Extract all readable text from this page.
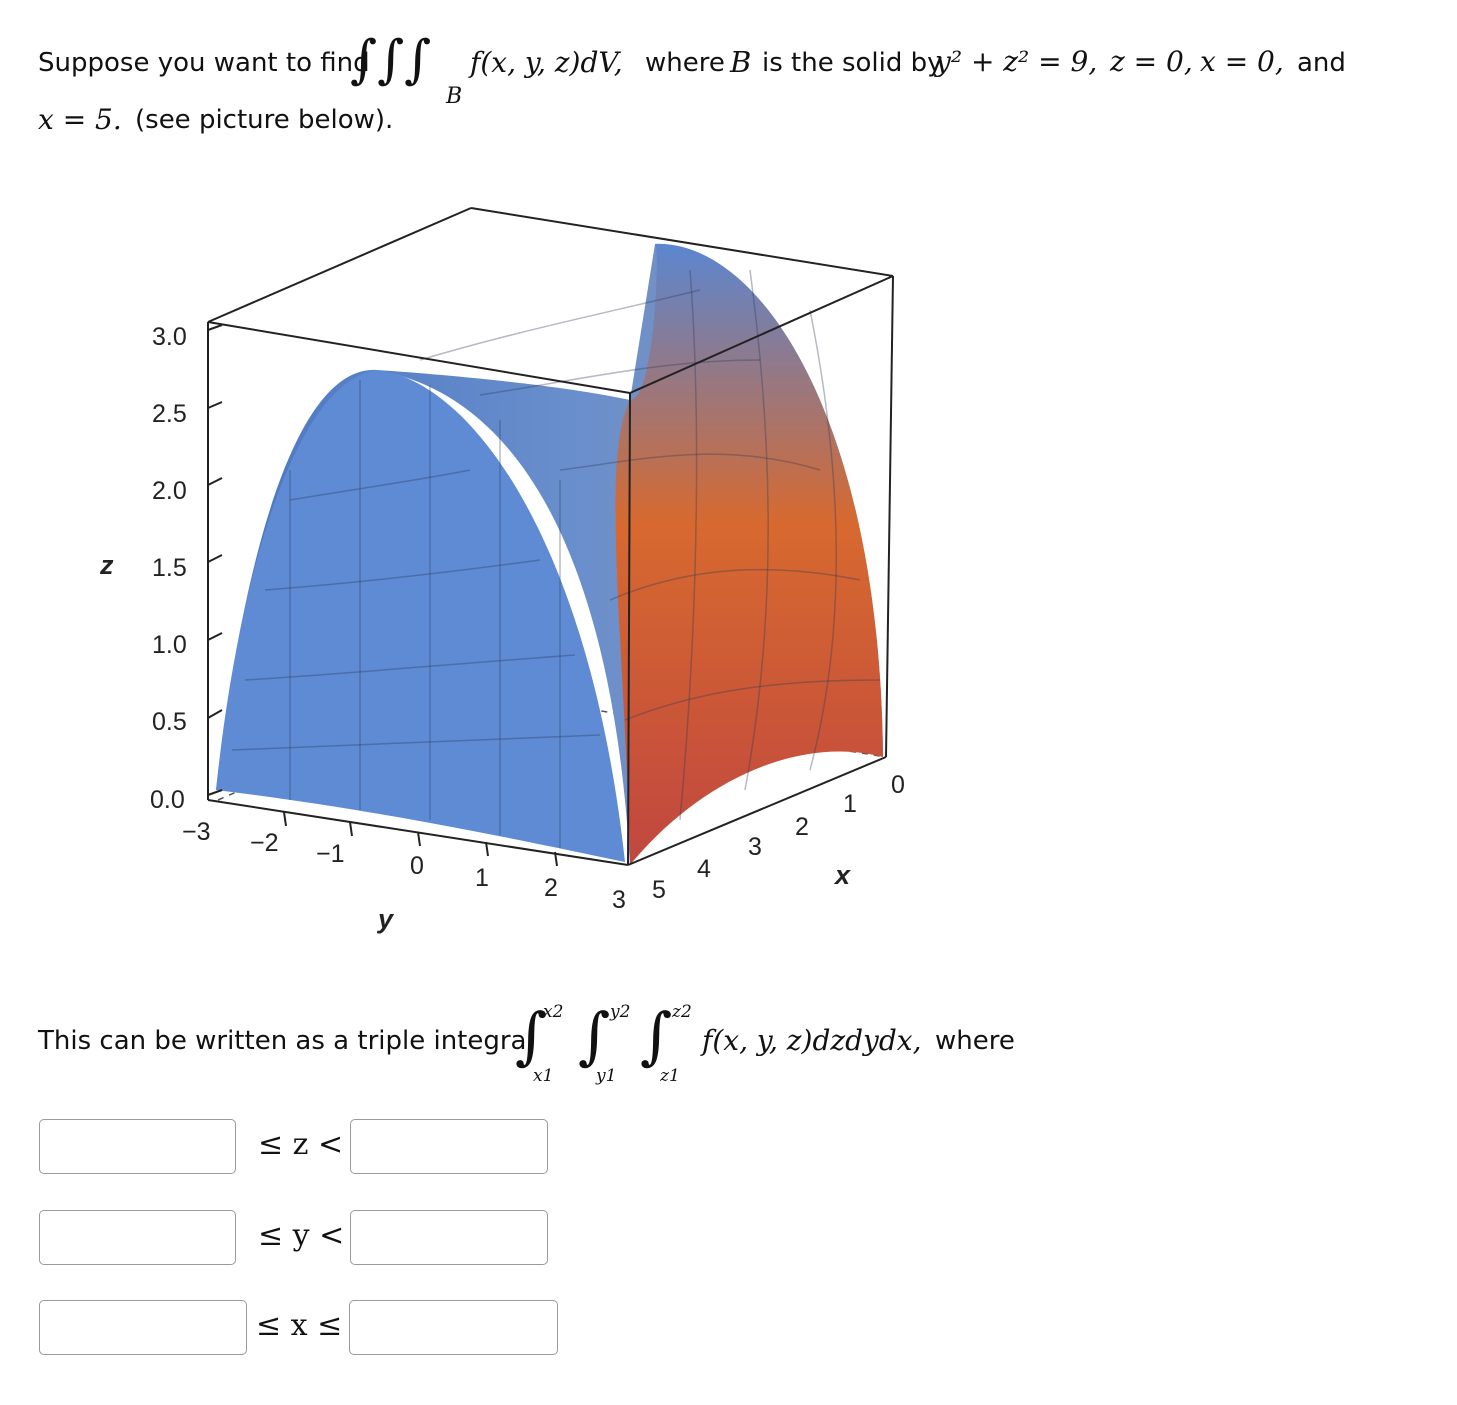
Suppose you want to find
∫∫∫
B
f(x, y, z)dV, where B is the solid by
y² + z² = 9, z = 0, x = 0, and
x = 5. (see picture below).
3.0
2.5
2.0
1.5
1.0
0.5
0.0
z
−3 −2 −1	0 1 2 3
y
5
4
3
2
1
0
x
This can be written as a triple integral
∫
x2
x1
∫ y2
y1
∫ z2
z1
f(x, y, z)dzdydx, where
≤ z <
≤ y <
≤ x ≤
